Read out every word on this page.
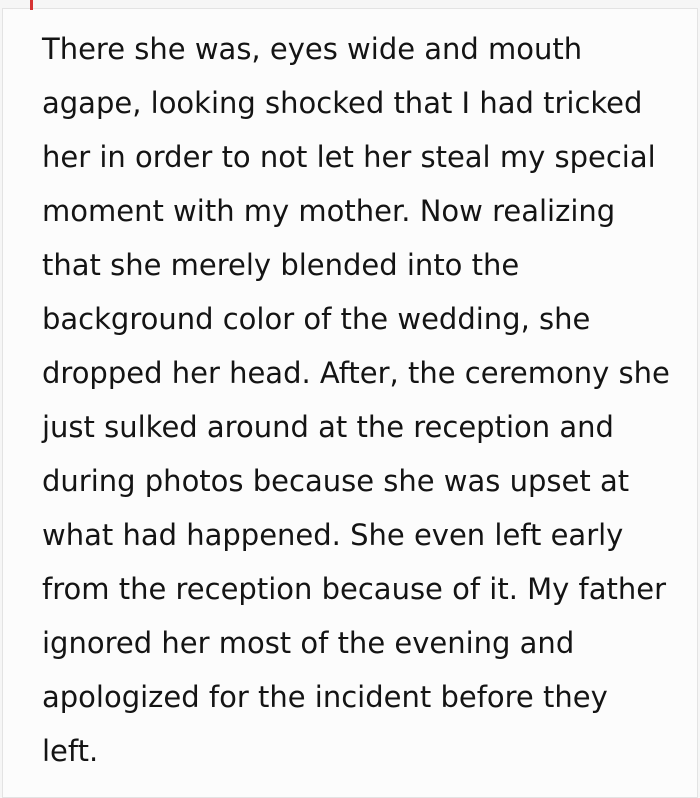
There she was, eyes wide and mouth
agape, looking shocked that I had tricked
her in order to not let her steal my special
moment with my mother. Now realizing
that she merely blended into the
background color of the wedding, she
dropped her head. After, the ceremony she
just sulked around at the reception and
during photos because she was upset at
what had happened. She even left early
from the reception because of it. My father
ignored her most of the evening and
apologized for the incident before they
left.
